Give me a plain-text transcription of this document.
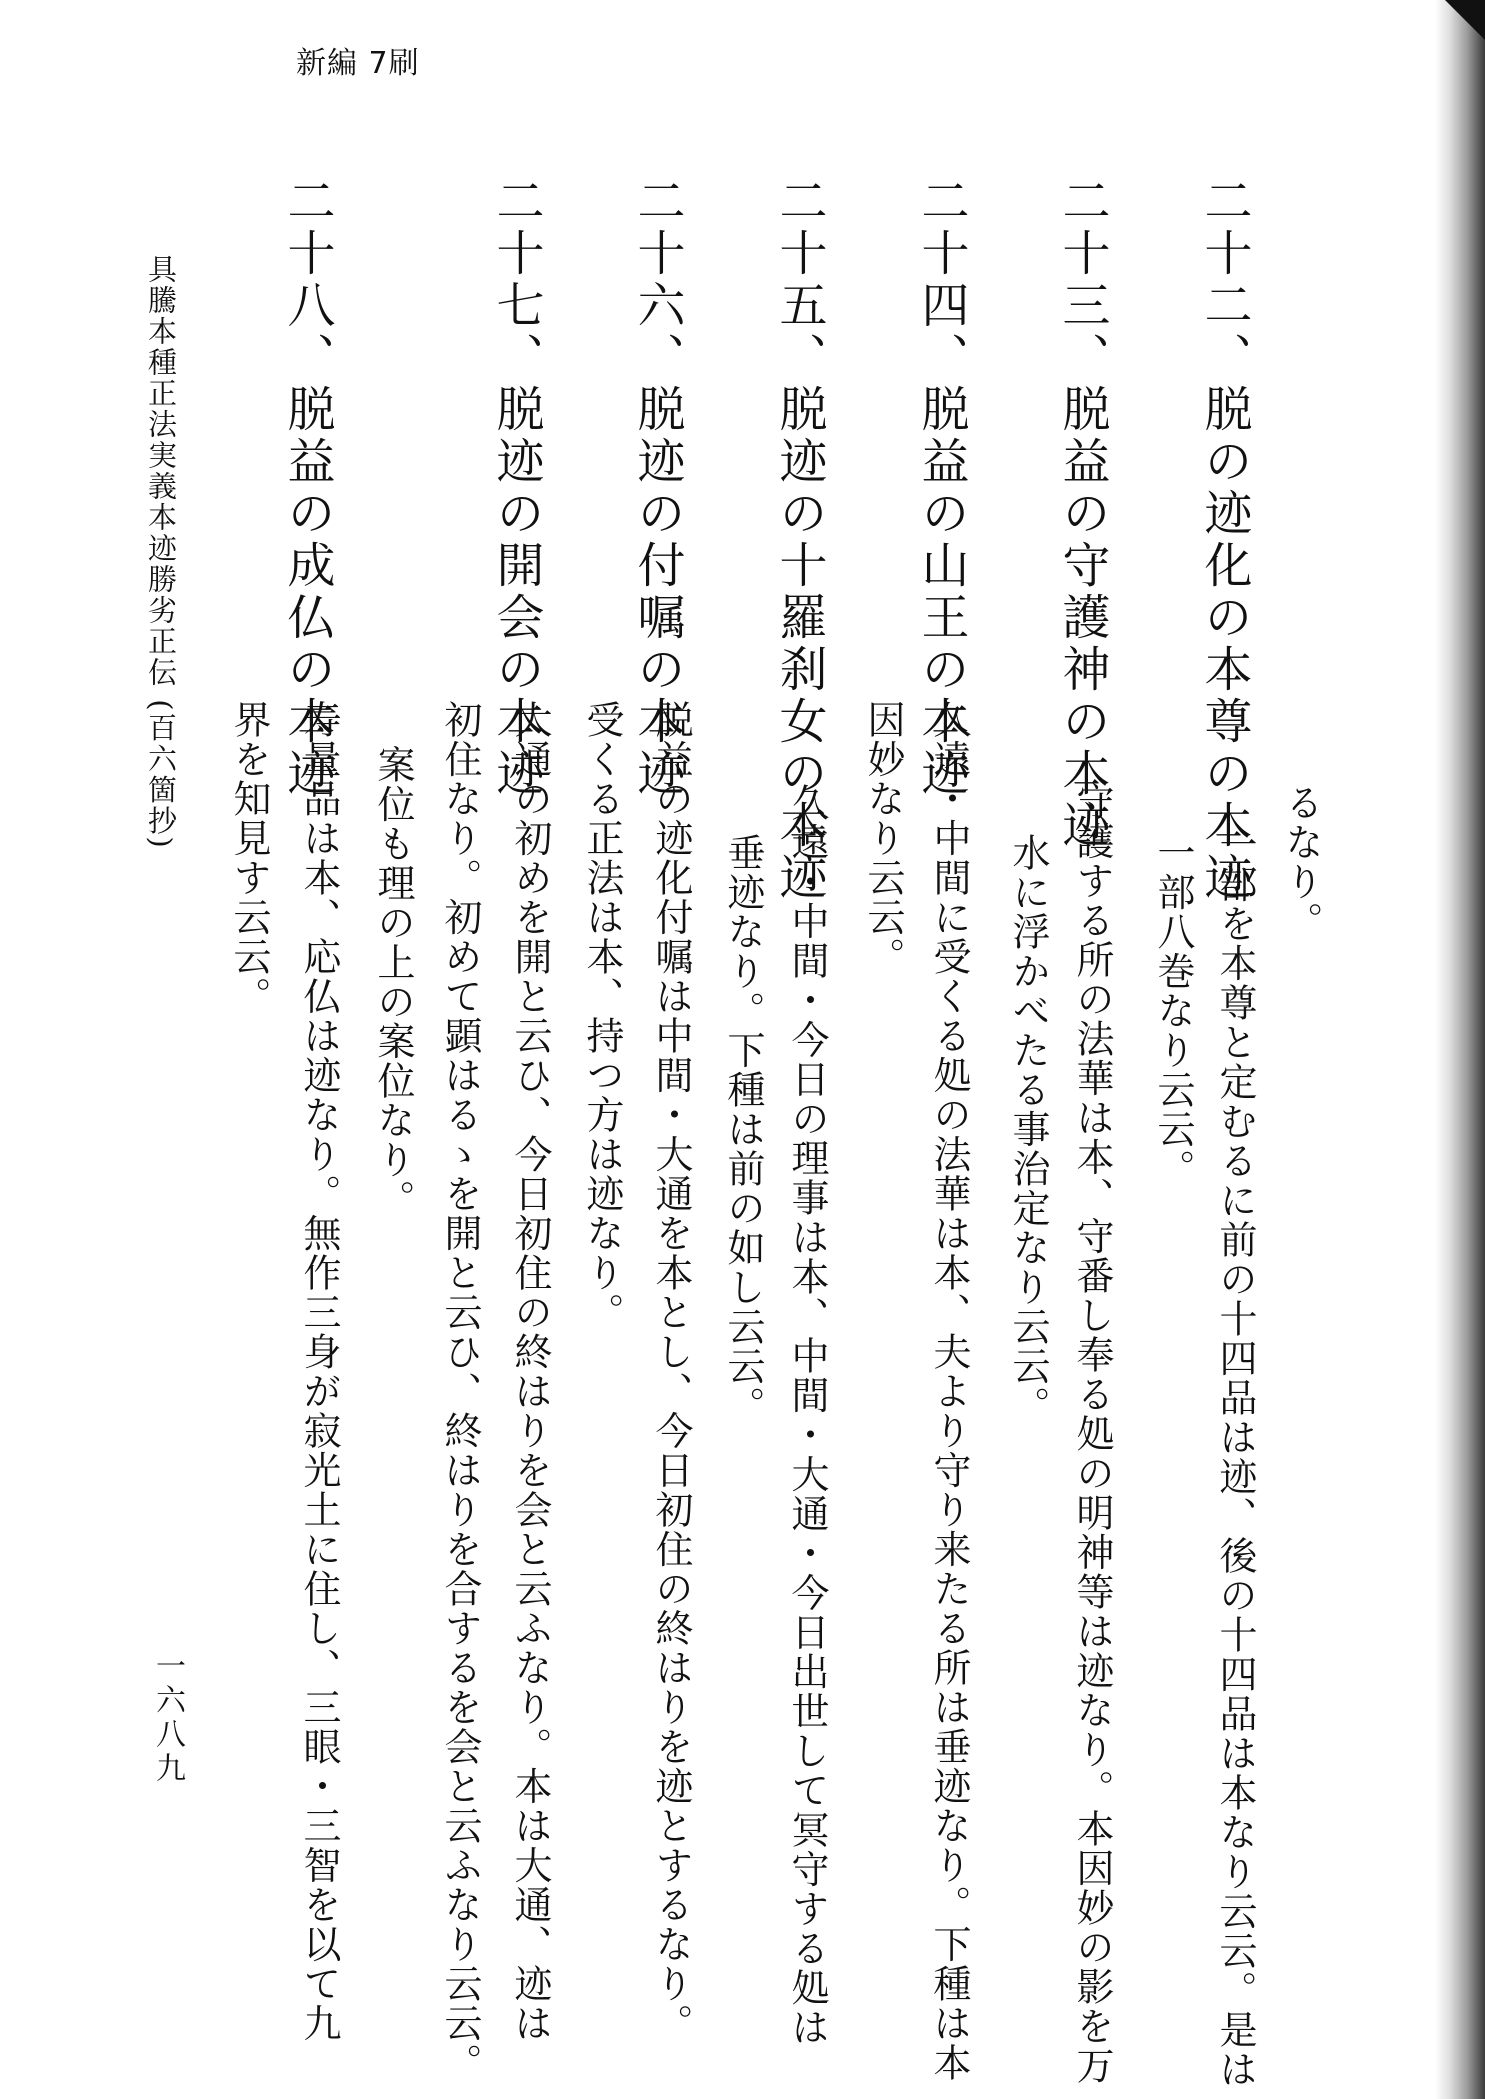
新編 7刷
るなり。
二十二、脱の迹化の本尊の本迹
一部を本尊と定むるに前の十四品は迹、後の十四品は本なり云云。是は
一部八巻なり云云。
二十三、脱益の守護神の本迹
守護する所の法華は本、守番し奉る処の明神等は迹なり。本因妙の影を万
水に浮かべたる事治定なり云云。
二十四、脱益の山王の本迹
久遠・中間に受くる処の法華は本、夫より守り来たる所は垂迹なり。下種は本
因妙なり云云。
二十五、脱迹の十羅刹女の本迹
久遠・中間・今日の理事は本、中間・大通・今日出世して冥守する処は
垂迹なり。下種は前の如し云云。
二十六、脱迹の付嘱の本迹
脱益の迹化付嘱は中間・大通を本とし、今日初住の終はりを迹とするなり。
受くる正法は本、持つ方は迹なり。
二十七、脱迹の開会の本迹
大通の初めを開と云ひ、今日初住の終はりを会と云ふなり。本は大通、迹は
初住なり。初めて顕はるゝを開と云ひ、終はりを合するを会と云ふなり云云。
案位も理の上の案位なり。
二十八、脱益の成仏の本迹
寿量品は本、応仏は迹なり。無作三身が寂光土に住し、三眼・三智を以て九
界を知見す云云。
具騰本種正法実義本迹勝劣正伝 (百六箇抄)
一六八九
